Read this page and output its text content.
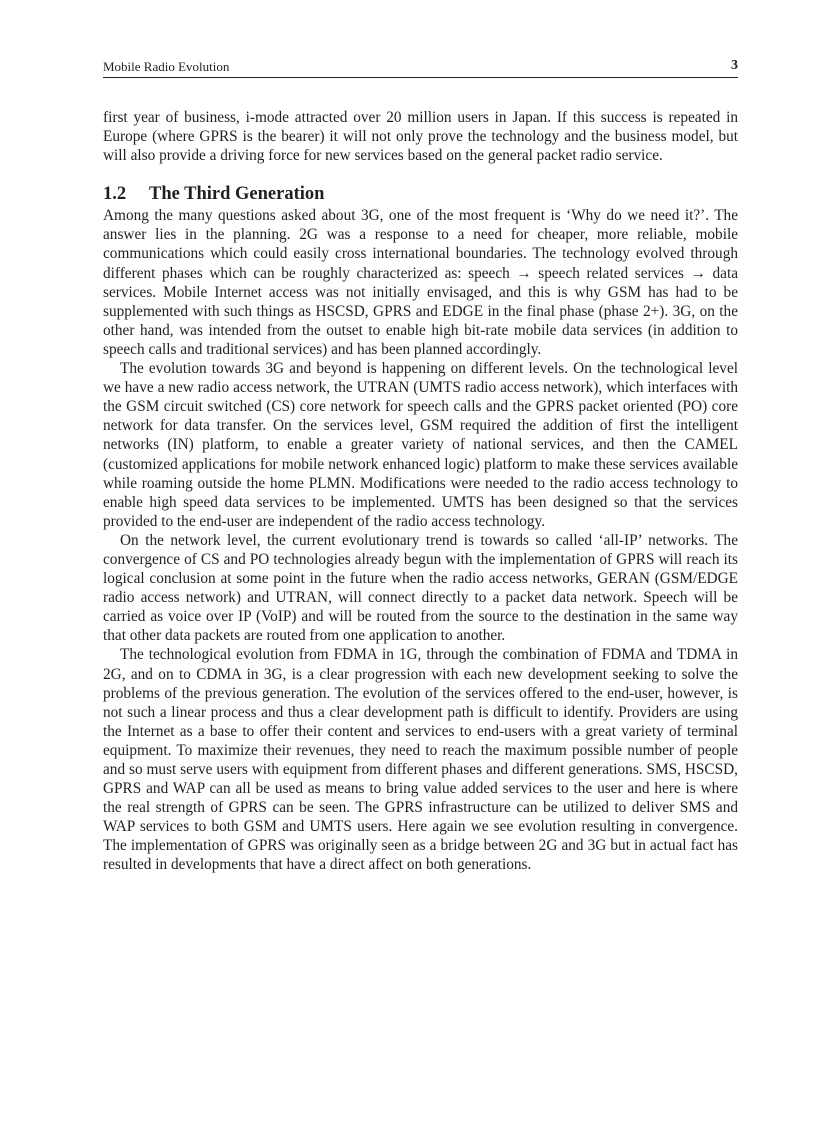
Mobile Radio Evolution	3

first year of business, i-mode attracted over 20 million users in Japan. If this success is repeated in Europe (where GPRS is the bearer) it will not only prove the technology and the business model, but will also provide a driving force for new services based on the general packet radio service.

1.2 The Third Generation

Among the many questions asked about 3G, one of the most frequent is ‘Why do we need it?’. The answer lies in the planning. 2G was a response to a need for cheaper, more reliable, mobile communications which could easily cross international boundaries. The technology evolved through different phases which can be roughly characterized as: speech → speech related services → data services. Mobile Internet access was not initially envisaged, and this is why GSM has had to be supplemented with such things as HSCSD, GPRS and EDGE in the final phase (phase 2+). 3G, on the other hand, was intended from the outset to enable high bit-rate mobile data services (in addition to speech calls and traditional services) and has been planned accordingly.

The evolution towards 3G and beyond is happening on different levels. On the technological level we have a new radio access network, the UTRAN (UMTS radio access network), which interfaces with the GSM circuit switched (CS) core network for speech calls and the GPRS packet oriented (PO) core network for data transfer. On the services level, GSM required the addition of first the intelligent networks (IN) platform, to enable a greater variety of national services, and then the CAMEL (customized applications for mobile network enhanced logic) platform to make these services available while roaming outside the home PLMN. Modifications were needed to the radio access technology to enable high speed data services to be implemented. UMTS has been designed so that the services provided to the end-user are independent of the radio access technology.

On the network level, the current evolutionary trend is towards so called ‘all-IP’ networks. The convergence of CS and PO technologies already begun with the implementation of GPRS will reach its logical conclusion at some point in the future when the radio access networks, GERAN (GSM/EDGE radio access network) and UTRAN, will connect directly to a packet data network. Speech will be carried as voice over IP (VoIP) and will be routed from the source to the destination in the same way that other data packets are routed from one application to another.

The technological evolution from FDMA in 1G, through the combination of FDMA and TDMA in 2G, and on to CDMA in 3G, is a clear progression with each new development seeking to solve the problems of the previous generation. The evolution of the services offered to the end-user, however, is not such a linear process and thus a clear development path is difficult to identify. Providers are using the Internet as a base to offer their content and services to end-users with a great variety of terminal equipment. To maximize their revenues, they need to reach the maximum possible number of people and so must serve users with equipment from different phases and different generations. SMS, HSCSD, GPRS and WAP can all be used as means to bring value added services to the user and here is where the real strength of GPRS can be seen. The GPRS infrastructure can be utilized to deliver SMS and WAP services to both GSM and UMTS users. Here again we see evolution resulting in convergence. The implementation of GPRS was originally seen as a bridge between 2G and 3G but in actual fact has resulted in developments that have a direct affect on both generations.
